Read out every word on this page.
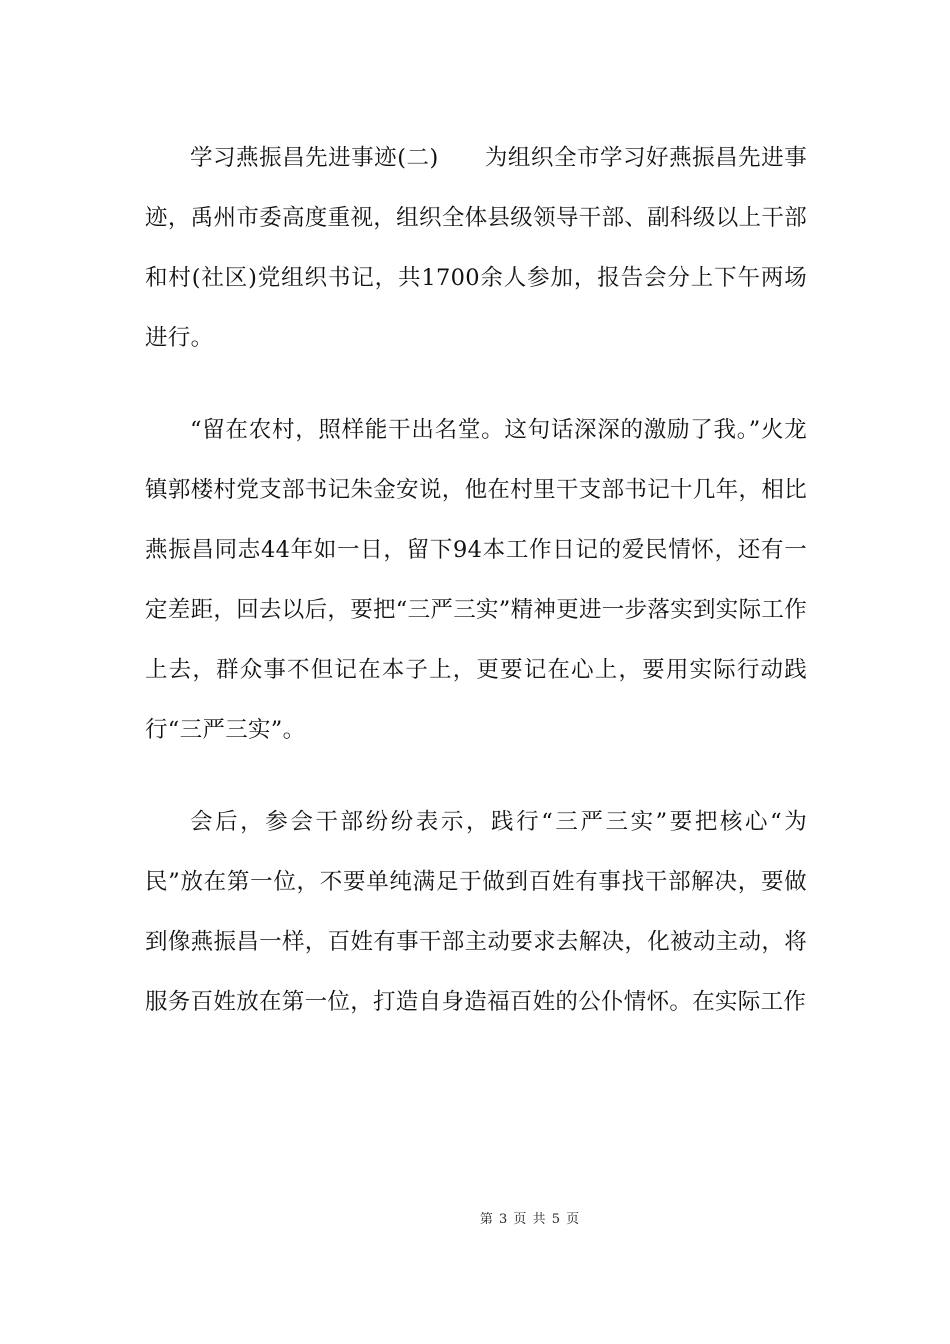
学习燕振昌先进事迹(二)　　为组织全市学习好燕振昌先进事迹，禹州市委高度重视，组织全体县级领导干部、副科级以上干部和村(社区)党组织书记，共1700余人参加，报告会分上下午两场进行。

“留在农村，照样能干出名堂。这句话深深的激励了我。”火龙镇郭楼村党支部书记朱金安说，他在村里干支部书记十几年，相比燕振昌同志44年如一日，留下94本工作日记的爱民情怀，还有一定差距，回去以后，要把“三严三实”精神更进一步落实到实际工作上去，群众事不但记在本子上，更要记在心上，要用实际行动践行“三严三实”。

会后，参会干部纷纷表示，践行“三严三实”要把核心“为民”放在第一位，不要单纯满足于做到百姓有事找干部解决，要做到像燕振昌一样，百姓有事干部主动要求去解决，化被动主动，将服务百姓放在第一位，打造自身造福百姓的公仆情怀。在实际工作

第 3 页 共 5 页
